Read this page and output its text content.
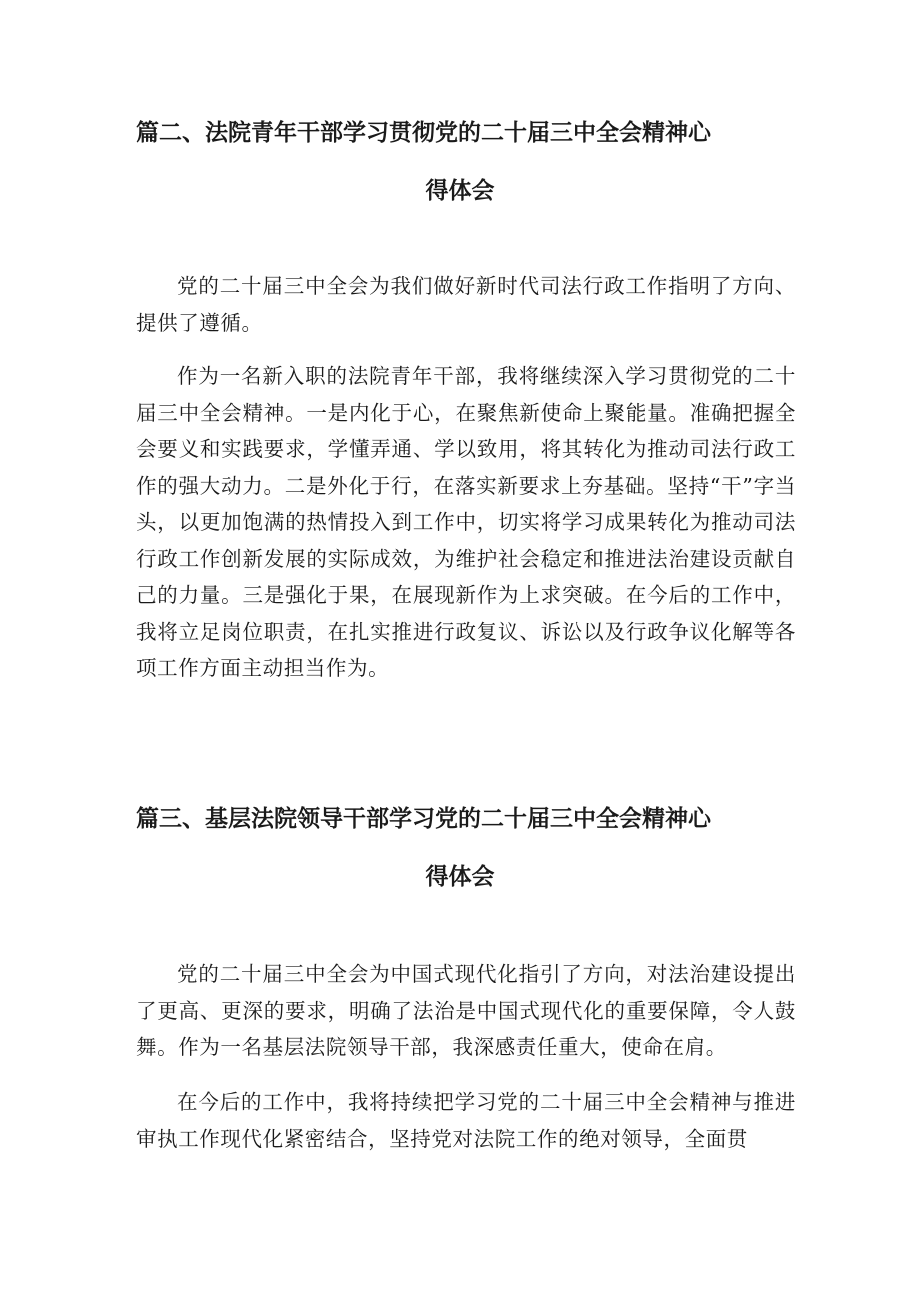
篇二、法院青年干部学习贯彻党的二十届三中全会精神心
得体会

党的二十届三中全会为我们做好新时代司法行政工作指明了方向、提供了遵循。

作为一名新入职的法院青年干部，我将继续深入学习贯彻党的二十届三中全会精神。一是内化于心，在聚焦新使命上聚能量。准确把握全会要义和实践要求，学懂弄通、学以致用，将其转化为推动司法行政工作的强大动力。二是外化于行，在落实新要求上夯基础。坚持“干”字当头，以更加饱满的热情投入到工作中，切实将学习成果转化为推动司法行政工作创新发展的实际成效，为维护社会稳定和推进法治建设贡献自己的力量。三是强化于果，在展现新作为上求突破。在今后的工作中，我将立足岗位职责，在扎实推进行政复议、诉讼以及行政争议化解等各项工作方面主动担当作为。

篇三、基层法院领导干部学习党的二十届三中全会精神心
得体会

党的二十届三中全会为中国式现代化指引了方向，对法治建设提出了更高、更深的要求，明确了法治是中国式现代化的重要保障，令人鼓舞。作为一名基层法院领导干部，我深感责任重大，使命在肩。

在今后的工作中，我将持续把学习党的二十届三中全会精神与推进审执工作现代化紧密结合，坚持党对法院工作的绝对领导，全面贯
